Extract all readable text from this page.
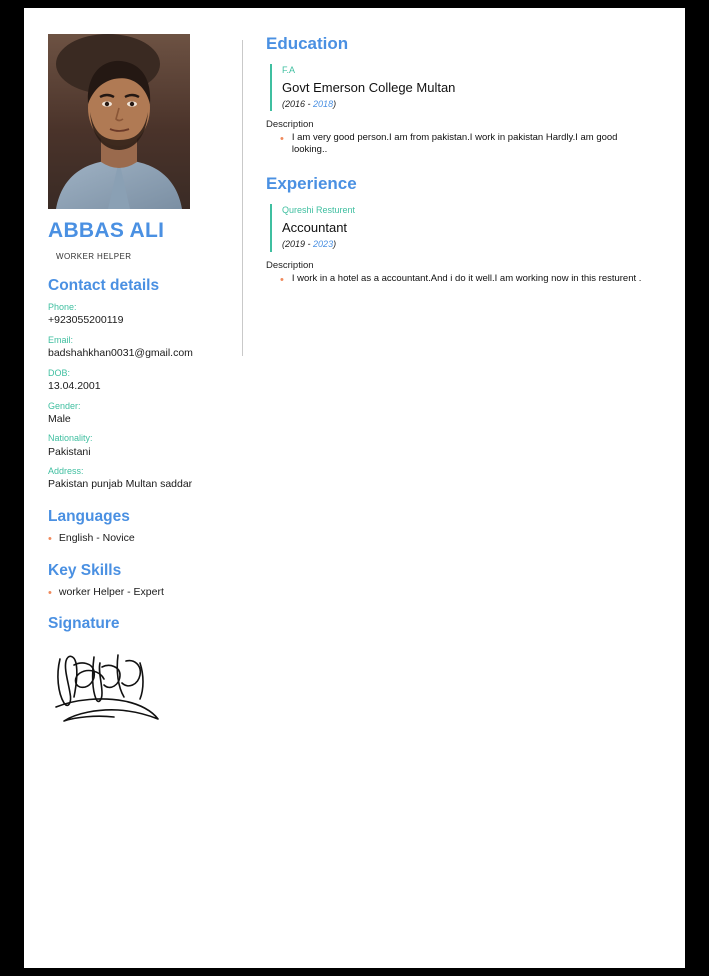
ABBAS ALI
WORKER HELPER
Contact details
Phone:
+923055200119
Email:
badshahkhan0031@gmail.com
DOB:
13.04.2001
Gender:
Male
Nationality:
Pakistani
Address:
Pakistan punjab Multan saddar
Languages
• English - Novice
Key Skills
• worker Helper - Expert
Signature
Education
F.A
Govt Emerson College Multan
(2016 - 2018)
Description
• I am very good person.I am from pakistan.I work in pakistan Hardly.I am good looking..
Experience
Qureshi Resturent
Accountant
(2019 - 2023)
Description
• I work in a hotel as a accountant.And i do it well.I am working now in this resturent .
